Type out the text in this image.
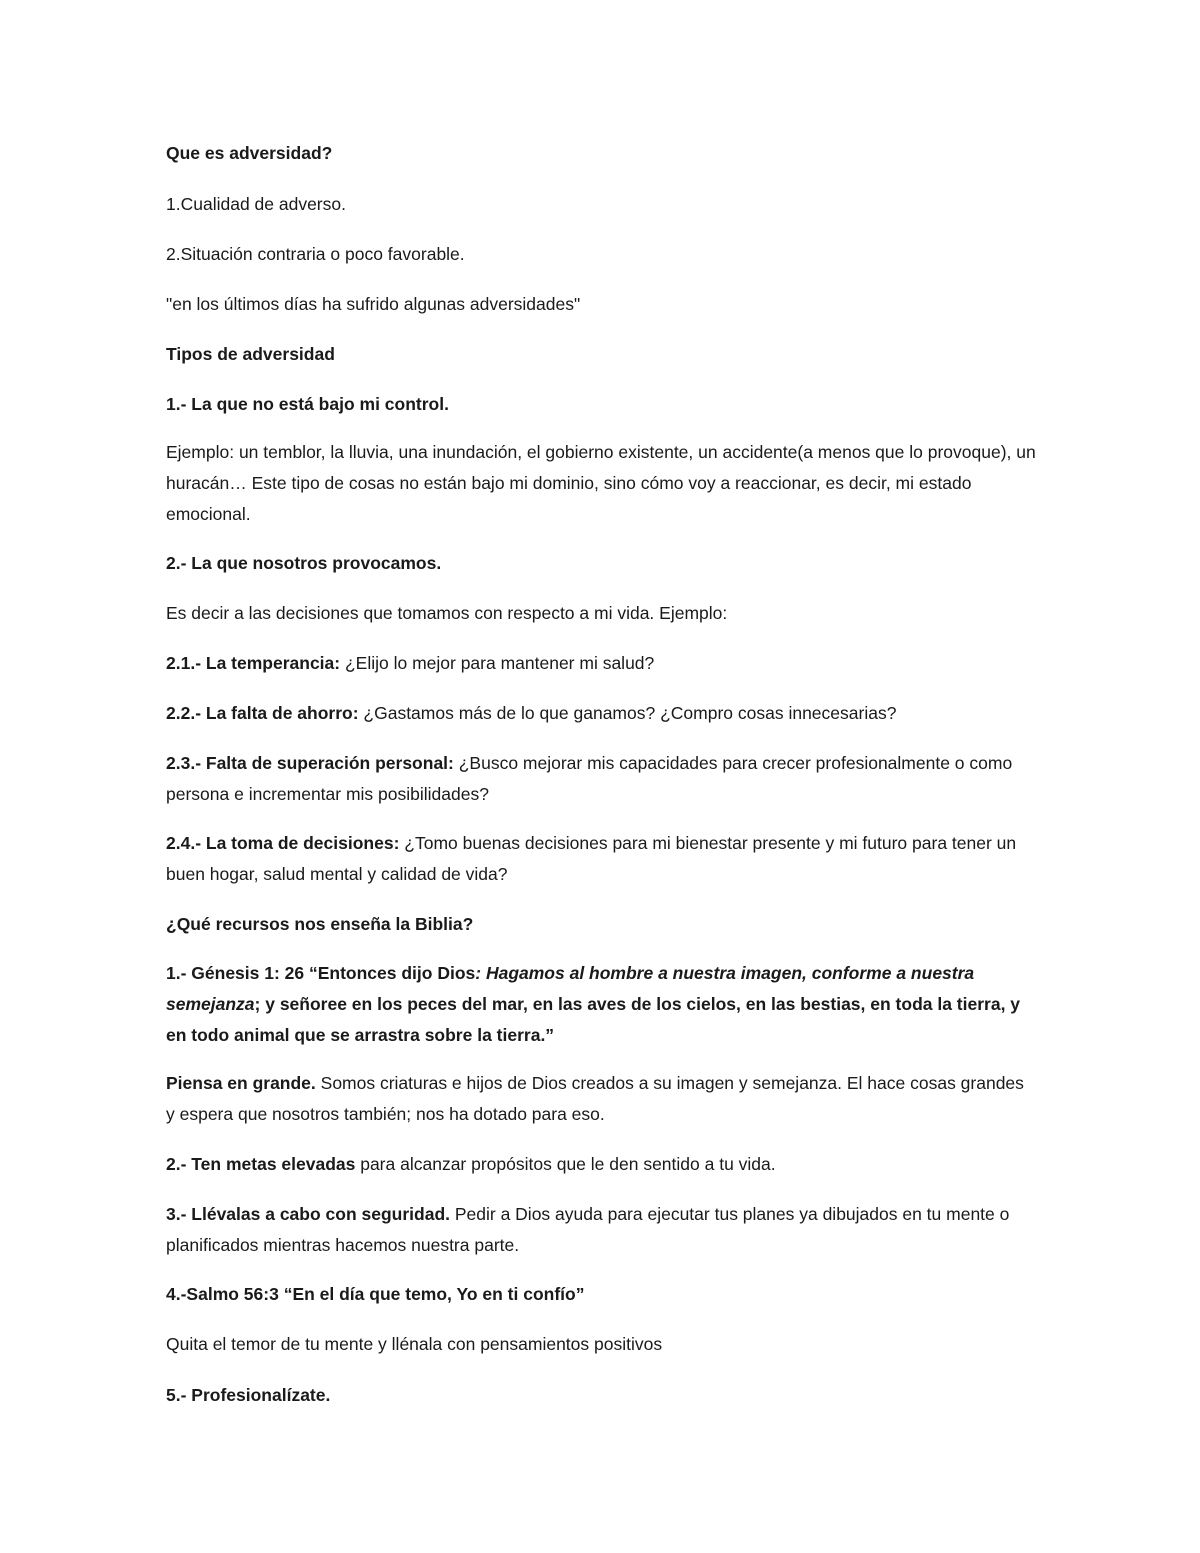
Que es adversidad?

1.Cualidad de adverso.

2.Situación contraria o poco favorable.

"en los últimos días ha sufrido algunas adversidades"

Tipos de adversidad

1.- La que no está bajo mi control.

Ejemplo: un temblor, la lluvia, una inundación, el gobierno existente, un accidente(a menos que lo provoque), un huracán… Este tipo de cosas no están bajo mi dominio, sino cómo voy a reaccionar, es decir, mi estado emocional.

2.- La que nosotros provocamos.

Es decir a las decisiones que tomamos con respecto a mi vida. Ejemplo:

2.1.- La temperancia: ¿Elijo lo mejor para mantener mi salud?

2.2.- La falta de ahorro: ¿Gastamos más de lo que ganamos? ¿Compro cosas innecesarias?

2.3.- Falta de superación personal: ¿Busco mejorar mis capacidades para crecer profesionalmente o como persona e incrementar mis posibilidades?

2.4.- La toma de decisiones: ¿Tomo buenas decisiones para mi bienestar presente y mi futuro para tener un buen hogar, salud mental y calidad de vida?

¿Qué recursos nos enseña la Biblia?

1.- Génesis 1: 26 “Entonces dijo Dios: Hagamos al hombre a nuestra imagen, conforme a nuestra semejanza; y señoree en los peces del mar, en las aves de los cielos, en las bestias, en toda la tierra, y en todo animal que se arrastra sobre la tierra.”

Piensa en grande. Somos criaturas e hijos de Dios creados a su imagen y semejanza. El hace cosas grandes y espera que nosotros también; nos ha dotado para eso.

2.- Ten metas elevadas para alcanzar propósitos que le den sentido a tu vida.

3.- Llévalas a cabo con seguridad. Pedir a Dios ayuda para ejecutar tus planes ya dibujados en tu mente o planificados mientras hacemos nuestra parte.

4.-Salmo 56:3 “En el día que temo, Yo en ti confío”

Quita el temor de tu mente y llénala con pensamientos positivos

5.- Profesionalízate.
